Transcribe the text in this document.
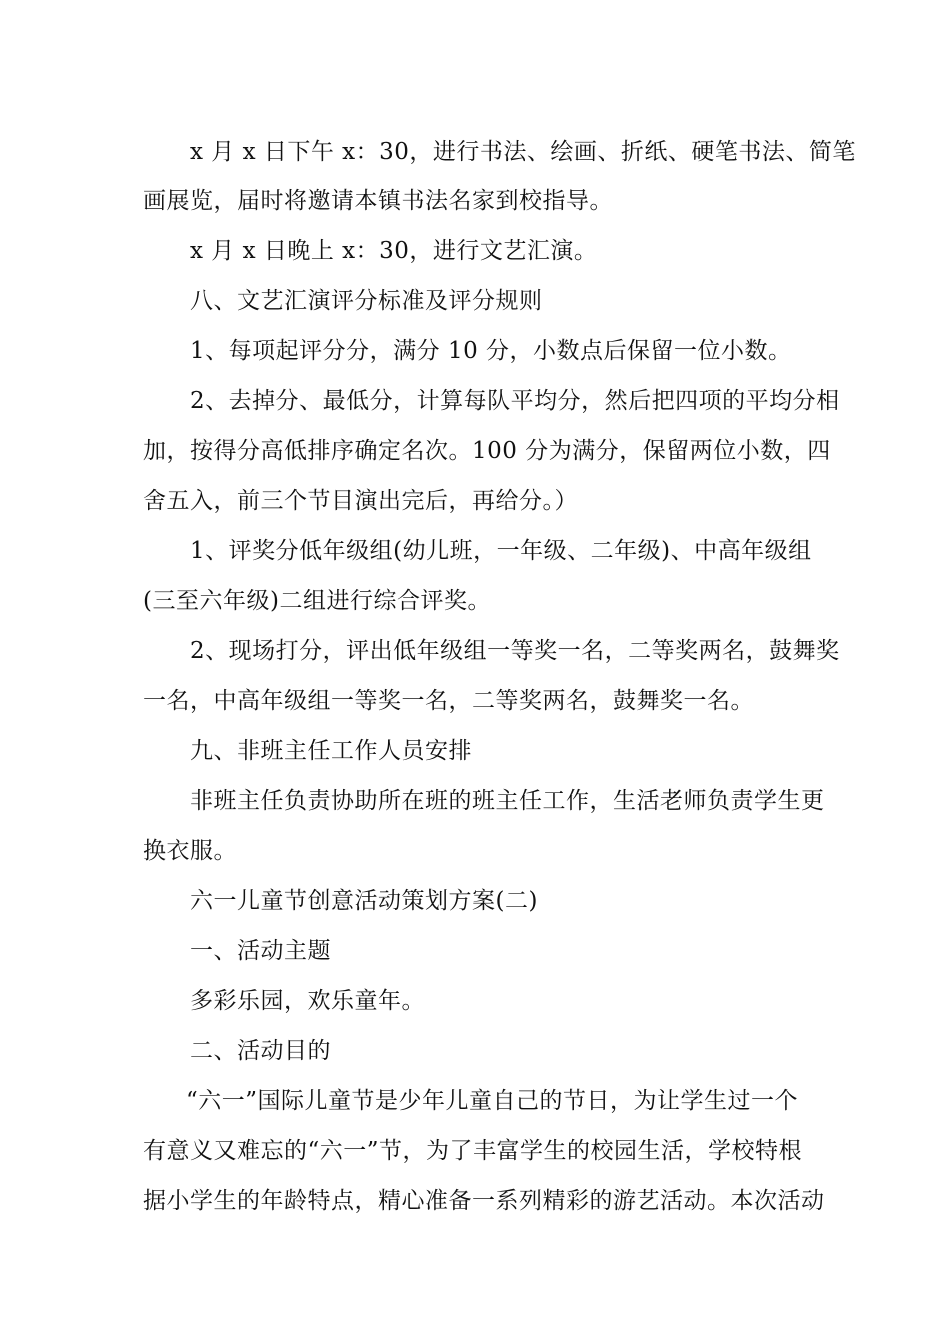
x 月 x 日下午 x：30，进行书法、绘画、折纸、硬笔书法、简笔
画展览，届时将邀请本镇书法名家到校指导。
x 月 x 日晚上 x：30，进行文艺汇演。
八、文艺汇演评分标准及评分规则
1、每项起评分分，满分 10 分，小数点后保留一位小数。
2、去掉分、最低分，计算每队平均分，然后把四项的平均分相
加，按得分高低排序确定名次。100 分为满分，保留两位小数，四
舍五入，前三个节目演出完后，再给分。）
1、评奖分低年级组(幼儿班，一年级、二年级)、中高年级组
(三至六年级)二组进行综合评奖。
2、现场打分，评出低年级组一等奖一名，二等奖两名，鼓舞奖
一名，中高年级组一等奖一名，二等奖两名，鼓舞奖一名。
九、非班主任工作人员安排
非班主任负责协助所在班的班主任工作，生活老师负责学生更
换衣服。
六一儿童节创意活动策划方案(二)
一、活动主题
多彩乐园，欢乐童年。
二、活动目的
“六一”国际儿童节是少年儿童自己的节日，为让学生过一个
有意义又难忘的“六一”节，为了丰富学生的校园生活，学校特根
据小学生的年龄特点，精心准备一系列精彩的游艺活动。本次活动
